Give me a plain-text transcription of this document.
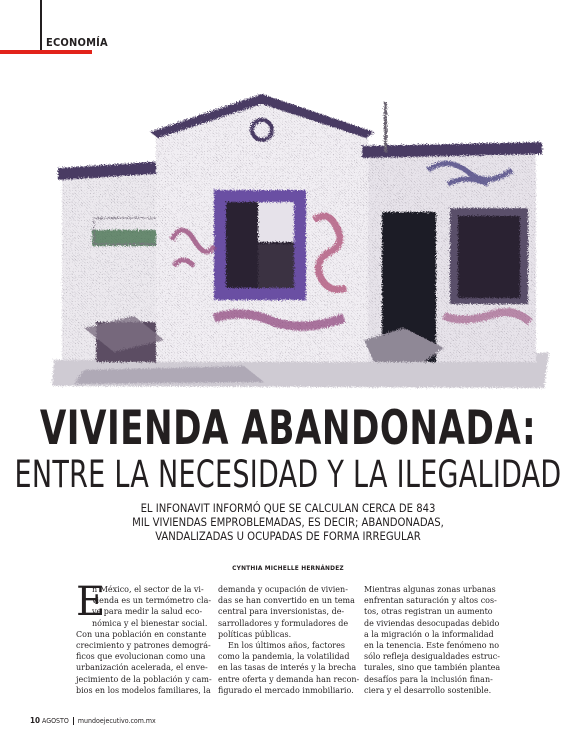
ECONOMÍA
VIVIENDA ABANDONADA:
ENTRE LA NECESIDAD Y LA ILEGALIDAD
EL INFONAVIT INFORMÓ QUE SE CALCULAN CERCA DE 843
MIL VIVIENDAS EMPROBLEMADAS, ES DECIR; ABANDONADAS,
VANDALIZADAS U OCUPADAS DE FORMA IRREGULAR
CYNTHIA MICHELLE HERNÁNDEZ
E
n México, el sector de la vi-
vienda es un termómetro cla-
ve para medir la salud eco-
nómica y el bienestar social.
Con una población en constante
crecimiento y patrones demográ-
ficos que evolucionan como una
urbanización acelerada, el enve-
jecimiento de la población y cam-
bios en los modelos familiares, la
demanda y ocupación de vivien-
das se han convertido en un tema
central para inversionistas, de-
sarrolladores y formuladores de
políticas públicas.
En los últimos años, factores
como la pandemia, la volatilidad
en las tasas de interés y la brecha
entre oferta y demanda han recon-
figurado el mercado inmobiliario.
Mientras algunas zonas urbanas
enfrentan saturación y altos cos-
tos, otras registran un aumento
de viviendas desocupadas debido
a la migración o la informalidad
en la tenencia. Este fenómeno no
sólo refleja desigualdades estruc-
turales, sino que también plantea
desafíos para la inclusión finan-
ciera y el desarrollo sostenible.
10 AGOSTO mundoejecutivo.com.mx
